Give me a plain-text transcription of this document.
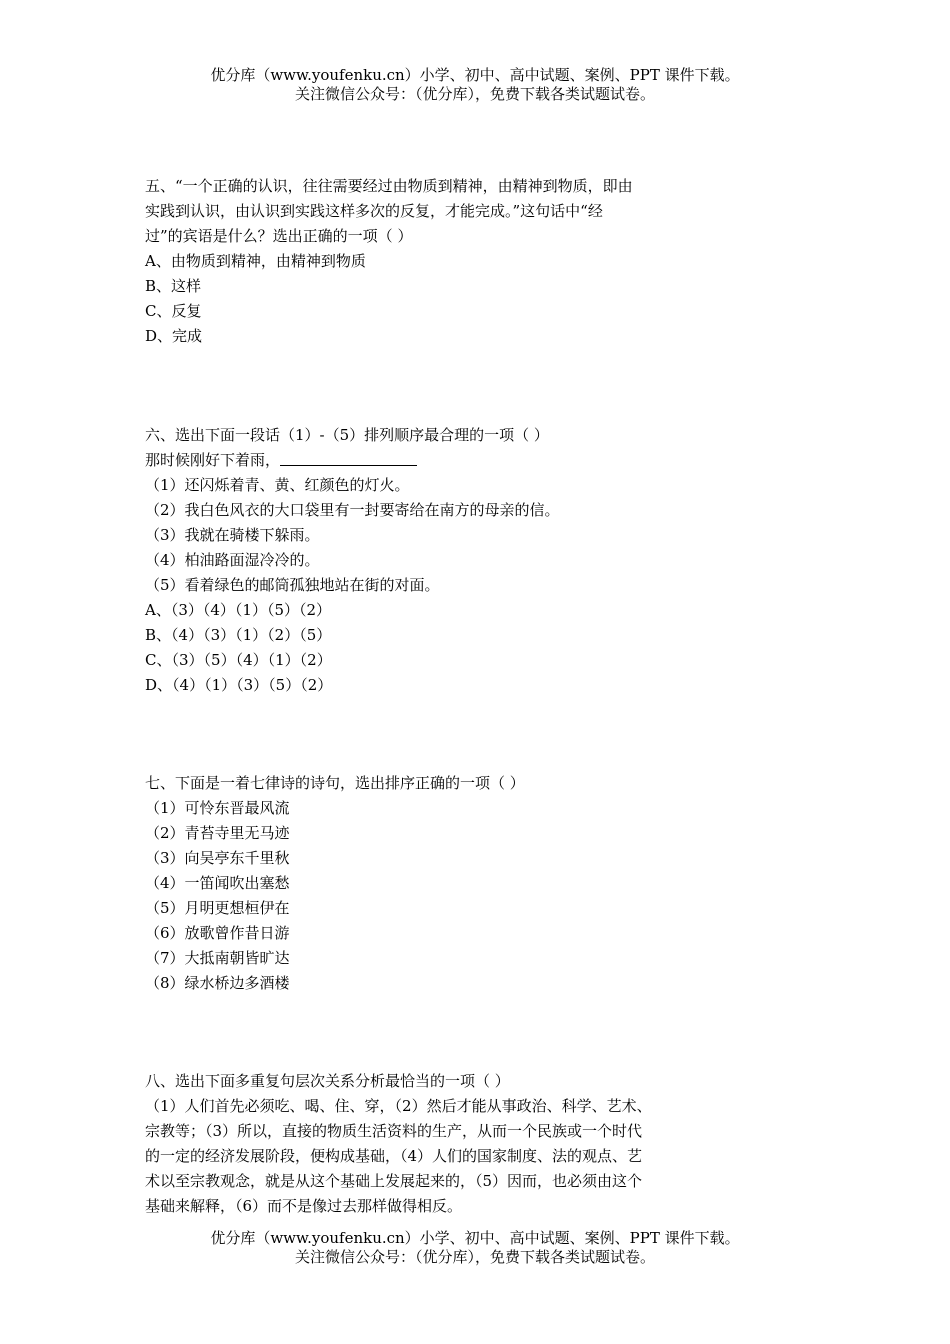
优分库（www.youfenku.cn）小学、初中、高中试题、案例、PPT 课件下载。
关注微信公众号：（优分库），免费下载各类试题试卷。
五、“一个正确的认识，往往需要经过由物质到精神，由精神到物质，即由
实践到认识，由认识到实践这样多次的反复，才能完成。”这句话中“经
过”的宾语是什么？选出正确的一项（ ）
A、由物质到精神，由精神到物质
B、这样
C、反复
D、完成
六、选出下面一段话（1）-（5）排列顺序最合理的一项（ ）
那时候刚好下着雨，
（1）还闪烁着青、黄、红颜色的灯火。
（2）我白色风衣的大口袋里有一封要寄给在南方的母亲的信。
（3）我就在骑楼下躲雨。
（4）柏油路面湿冷冷的。
（5）看着绿色的邮筒孤独地站在街的对面。
A、（3）（4）（1）（5）（2）
B、（4）（3）（1）（2）（5）
C、（3）（5）（4）（1）（2）
D、（4）（1）（3）（5）（2）
七、下面是一着七律诗的诗句，选出排序正确的一项（ ）
（1）可怜东晋最风流
（2）青苔寺里无马迹
（3）向吴亭东千里秋
（4）一笛闻吹出塞愁
（5）月明更想桓伊在
（6）放歌曾作昔日游
（7）大抵南朝皆旷达
（8）绿水桥边多酒楼
八、选出下面多重复句层次关系分析最恰当的一项（ ）
（1）人们首先必须吃、喝、住、穿，（2）然后才能从事政治、科学、艺术、
宗教等；（3）所以，直接的物质生活资料的生产，从而一个民族或一个时代
的一定的经济发展阶段，便构成基础，（4）人们的国家制度、法的观点、艺
术以至宗教观念，就是从这个基础上发展起来的，（5）因而，也必须由这个
基础来解释，（6）而不是像过去那样做得相反。
优分库（www.youfenku.cn）小学、初中、高中试题、案例、PPT 课件下载。
关注微信公众号：（优分库），免费下载各类试题试卷。
